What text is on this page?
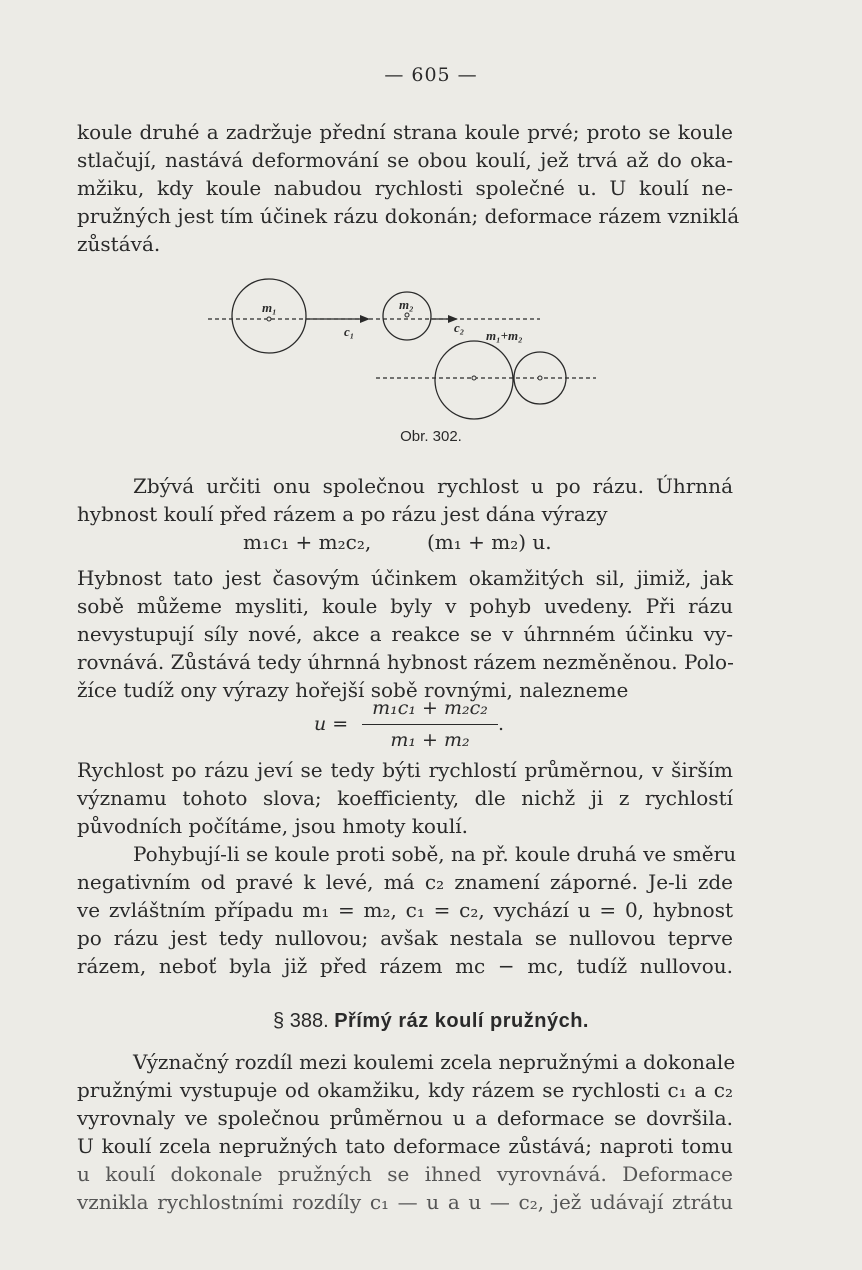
— 605 —
koule druhé a zadržuje přední strana koule prvé; proto se koule
stlačují, nastává deformování se obou koulí, jež trvá až do oka-
mžiku, kdy koule nabudou rychlosti společné u. U koulí ne-
pružných jest tím účinek rázu dokonán; deformace rázem vzniklá
zůstává.
m₁	m₂
c₁	c₂
m₁+m₂
Obr. 302.
Zbývá určiti onu společnou rychlost u po rázu. Úhrnná
hybnost koulí před rázem a po rázu jest dána výrazy
m₁c₁ + m₂c₂,	(m₁ + m₂) u.
Hybnost tato jest časovým účinkem okamžitých sil, jimiž, jak
sobě můžeme mysliti, koule byly v pohyb uvedeny. Při rázu
nevystupují síly nové, akce a reakce se v úhrnném účinku vy-
rovnává. Zůstává tedy úhrnná hybnost rázem nezměněnou. Polo-
žíce tudíž ony výrazy hořejší sobě rovnými, nalezneme
u =
m₁c₁ + m₂c₂
m₁ + m₂
.
Rychlost po rázu jeví se tedy býti rychlostí průměrnou, v širším
významu tohoto slova; koefficienty, dle nichž ji z rychlostí
původních počítáme, jsou hmoty koulí.
Pohybují-li se koule proti sobě, na př. koule druhá ve směru
negativním od pravé k levé, má c₂ znamení záporné. Je-li zde
ve zvláštním případu m₁ = m₂, c₁ = c₂, vychází u = 0, hybnost
po rázu jest tedy nullovou; avšak nestala se nullovou teprve
rázem, neboť byla již před rázem mc − mc, tudíž nullovou.
§ 388. Přímý ráz koulí pružných.
Význačný rozdíl mezi koulemi zcela nepružnými a dokonale
pružnými vystupuje od okamžiku, kdy rázem se rychlosti c₁ a c₂
vyrovnaly ve společnou průměrnou u a deformace se dovršila.
U koulí zcela nepružných tato deformace zůstává; naproti tomu
u koulí dokonale pružných se ihned vyrovnává. Deformace
vznikla rychlostními rozdíly c₁ — u a u — c₂, jež udávají ztrátu
